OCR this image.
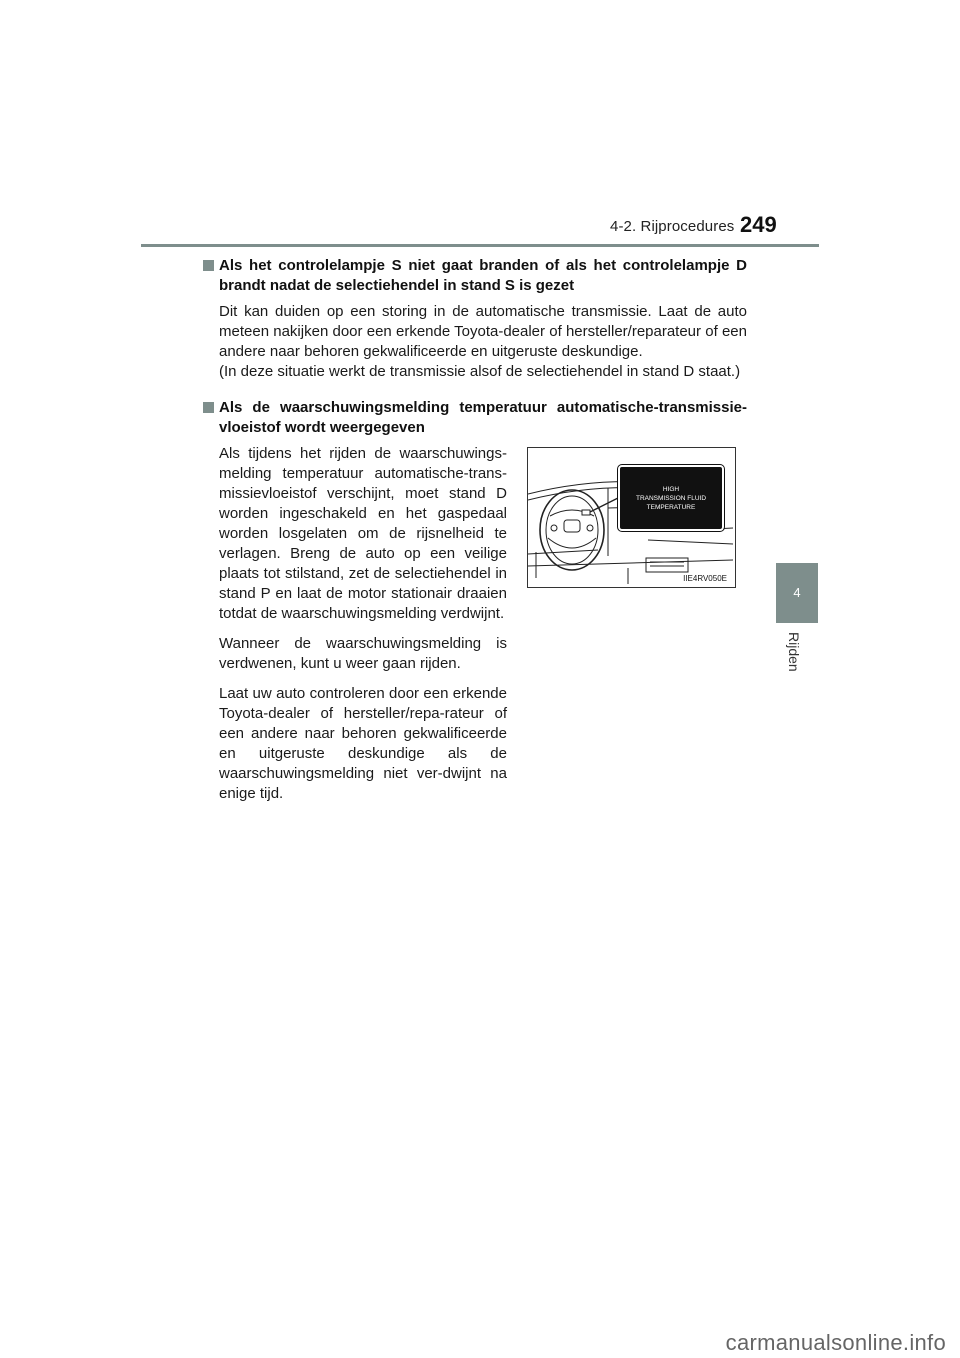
4-2. Rijprocedures 249
4
Rijden
Als het controlelampje S niet gaat branden of als het controlelampje D brandt nadat de selectiehendel in stand S is gezet
Dit kan duiden op een storing in de automatische transmissie. Laat de auto meteen nakijken door een erkende Toyota-dealer of hersteller/reparateur of een andere naar behoren gekwalificeerde en uitgeruste deskundige.
(In deze situatie werkt de transmissie alsof de selectiehendel in stand D staat.)
Als de waarschuwingsmelding temperatuur automatische-transmissie-vloeistof wordt weergegeven
Als tijdens het rijden de waarschuwings-melding temperatuur automatische-trans-missievloeistof verschijnt, moet stand D worden ingeschakeld en het gaspedaal worden losgelaten om de rijsnelheid te verlagen. Breng de auto op een veilige plaats tot stilstand, zet de selectiehendel in stand P en laat de motor stationair draaien totdat de waarschuwingsmelding verdwijnt.
Wanneer de waarschuwingsmelding is verdwenen, kunt u weer gaan rijden.
Laat uw auto controleren door een erkende Toyota-dealer of hersteller/repa-rateur of een andere naar behoren gekwalificeerde en uitgeruste deskundige als de waarschuwingsmelding niet ver-dwijnt na enige tijd.
HIGH
TRANSMISSION FLUID
TEMPERATURE
IIE4RV050E
carmanualsonline.info
